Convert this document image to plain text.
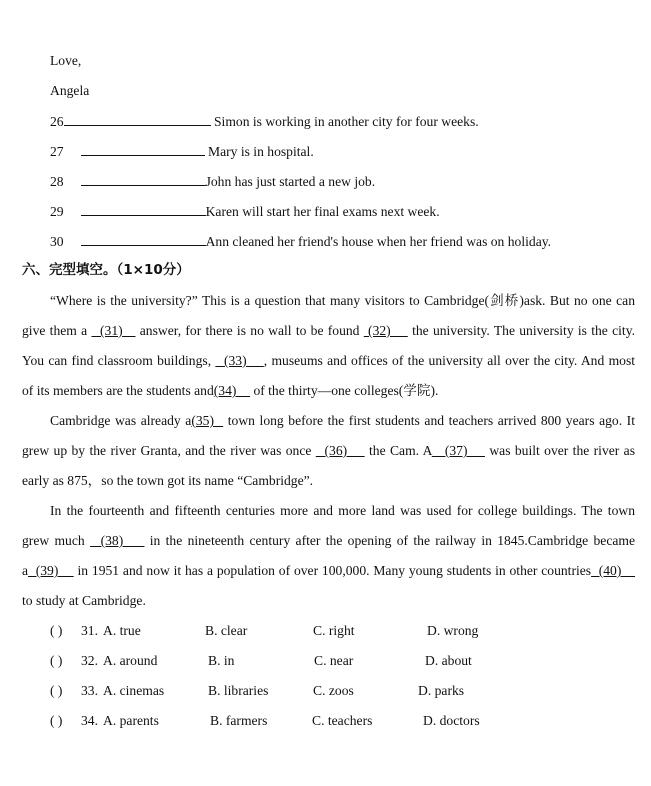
Love,
Angela
26	Simon is working in another city for four weeks.
27	Mary is in hospital.
28	John has just started a new job.
29	Karen will start her final exams next week.
30	Ann cleaned her friend's house when her friend was on holiday.
六、完型填空。（1×10分）
“Where is the university?” This is a question that many visitors to Cambridge(剑桥)ask. But no one can
give them a   (31)    answer, for there is no wall to be found  (32)     the university. The university is the city.
You can find classroom buildings,   (33)    , museums and offices of the university all over the city. And most
of its members are the students and(34)     of the thirty—one colleges(学院).
Cambridge was already a(35)   town long before the first students and teachers arrived 800 years ago. It
grew up by the river Granta, and the river was once   (36)     the Cam. A   (37)     was built over the river as
early as 875，so the town got its name “Cambridge”.
In the fourteenth and fifteenth centuries more and more land was used for college buildings. The town
grew much   (38)     in the nineteenth century after the opening of the railway in 1845.Cambridge became
a  (39)     in 1951 and now it has a population of over 100,000. Many young students in other countries  (40)
to study at Cambridge.
( ) 31. A. true	B. clear	C. right	D. wrong
( ) 32. A. around	B. in	C. near	D. about
( ) 33. A. cinemas	B. libraries	C. zoos	D. parks
( ) 34. A. parents	B. farmers	C. teachers	D. doctors
